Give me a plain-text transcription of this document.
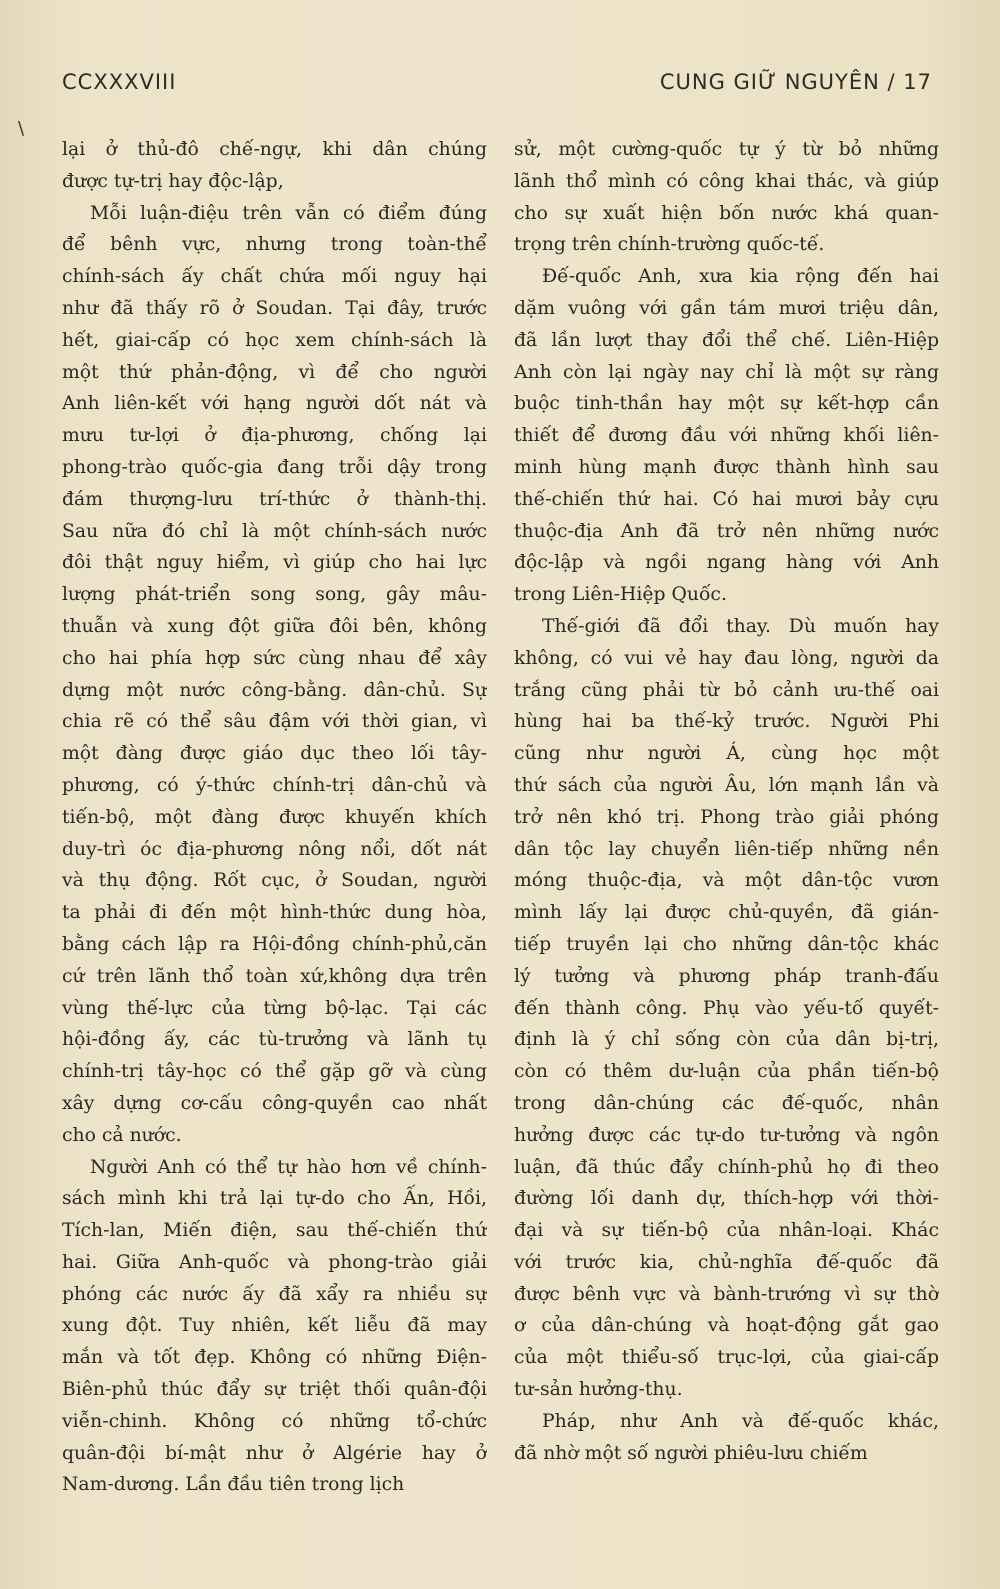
CCXXXVIII	CUNG GIỮ NGUYÊN / 17
\
lại ở thủ-đô chế-ngự, khi dân chúng
được tự-trị hay độc-lập,
Mỗi luận-điệu trên vẫn có điểm đúng
để bênh vực, nhưng trong toàn-thể
chính-sách ấy chất chứa mối nguy hại
như đã thấy rõ ở Soudan. Tại đây, trước
hết, giai-cấp có học xem chính-sách là
một thứ phản-động, vì để cho người
Anh liên-kết với hạng người dốt nát và
mưu tư-lợi ở địa-phương, chống lại
phong-trào quốc-gia đang trỗi dậy trong
đám thượng-lưu trí-thức ở thành-thị.
Sau nữa đó chỉ là một chính-sách nước
đôi thật nguy hiểm, vì giúp cho hai lực
lượng phát-triển song song, gây mâu-
thuẫn và xung đột giữa đôi bên, không
cho hai phía hợp sức cùng nhau để xây
dựng một nước công-bằng. dân-chủ. Sự
chia rẽ có thể sâu đậm với thời gian, vì
một đàng được giáo dục theo lối tây-
phương, có ý-thức chính-trị dân-chủ và
tiến-bộ, một đàng được khuyến khích
duy-trì óc địa-phương nông nổi, dốt nát
và thụ động. Rốt cục, ở Soudan, người
ta phải đi đến một hình-thức dung hòa,
bằng cách lập ra Hội-đồng chính-phủ,căn
cứ trên lãnh thổ toàn xứ,không dựa trên
vùng thế-lực của từng bộ-lạc. Tại các
hội-đồng ấy, các tù-trưởng và lãnh tụ
chính-trị tây-học có thể gặp gỡ và cùng
xây dựng cơ-cấu công-quyền cao nhất
cho cả nước.
Người Anh có thể tự hào hơn về chính-
sách mình khi trả lại tự-do cho Ấn, Hồi,
Tích-lan, Miến điện, sau thế-chiến thứ
hai. Giữa Anh-quốc và phong-trào giải
phóng các nước ấy đã xẩy ra nhiều sự
xung đột. Tuy nhiên, kết liễu đã may
mắn và tốt đẹp. Không có những Điện-
Biên-phủ thúc đẩy sự triệt thối quân-đội
viễn-chinh. Không có những tổ-chức
quân-đội bí-mật như ở Algérie hay ở
Nam-dương. Lần đầu tiên trong lịch
sử, một cường-quốc tự ý từ bỏ những
lãnh thổ mình có công khai thác, và giúp
cho sự xuất hiện bốn nước khá quan-
trọng trên chính-trường quốc-tế.
Đế-quốc Anh, xưa kia rộng đến hai
dặm vuông với gần tám mươi triệu dân,
đã lần lượt thay đổi thể chế. Liên-Hiệp
Anh còn lại ngày nay chỉ là một sự ràng
buộc tinh-thần hay một sự kết-hợp cần
thiết để đương đầu với những khối liên-
minh hùng mạnh được thành hình sau
thế-chiến thứ hai. Có hai mươi bảy cựu
thuộc-địa Anh đã trở nên những nước
độc-lập và ngồi ngang hàng với Anh
trong Liên-Hiệp Quốc.
Thế-giới đã đổi thay. Dù muốn hay
không, có vui vẻ hay đau lòng, người da
trắng cũng phải từ bỏ cảnh ưu-thế oai
hùng hai ba thế-kỷ trước. Người Phi
cũng như người Á, cùng học một
thứ sách của người Âu, lớn mạnh lần và
trở nên khó trị. Phong trào giải phóng
dân tộc lay chuyển liên-tiếp những nền
móng thuộc-địa, và một dân-tộc vươn
mình lấy lại được chủ-quyền, đã gián-
tiếp truyền lại cho những dân-tộc khác
lý tưởng và phương pháp tranh-đấu
đến thành công. Phụ vào yếu-tố quyết-
định là ý chỉ sống còn của dân bị-trị,
còn có thêm dư-luận của phần tiến-bộ
trong dân-chúng các đế-quốc, nhân
hưởng được các tự-do tư-tưởng và ngôn
luận, đã thúc đẩy chính-phủ họ đi theo
đường lối danh dự, thích-hợp với thời-
đại và sự tiến-bộ của nhân-loại. Khác
với trước kia, chủ-nghĩa đế-quốc đã
được bênh vực và bành-trướng vì sự thờ
ơ của dân-chúng và hoạt-động gắt gao
của một thiểu-số trục-lợi, của giai-cấp
tư-sản hưởng-thụ.
Pháp, như Anh và đế-quốc khác,
đã nhờ một số người phiêu-lưu chiếm
